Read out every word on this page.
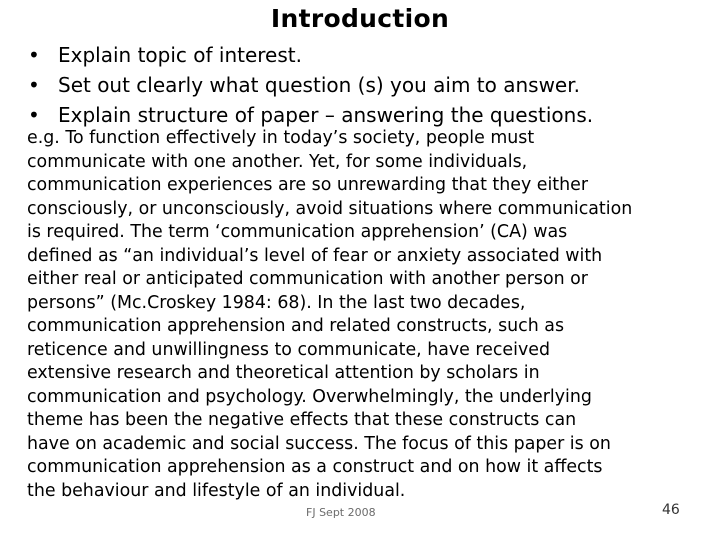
Introduction
• Explain topic of interest.
• Set out clearly what question (s) you aim to answer.
• Explain structure of paper – answering the questions.
e.g. To function effectively in today’s society, people must
communicate with one another. Yet, for some individuals,
communication experiences are so unrewarding that they either
consciously, or unconsciously, avoid situations where communication
is required. The term ‘communication apprehension’ (CA) was
defined as “an individual’s level of fear or anxiety associated with
either real or anticipated communication with another person or
persons” (Mc.Croskey 1984: 68). In the last two decades,
communication apprehension and related constructs, such as
reticence and unwillingness to communicate, have received
extensive research and theoretical attention by scholars in
communication and psychology. Overwhelmingly, the underlying
theme has been the negative effects that these constructs can
have on academic and social success. The focus of this paper is on
communication apprehension as a construct and on how it affects
the behaviour and lifestyle of an individual.
FJ Sept 2008	46
